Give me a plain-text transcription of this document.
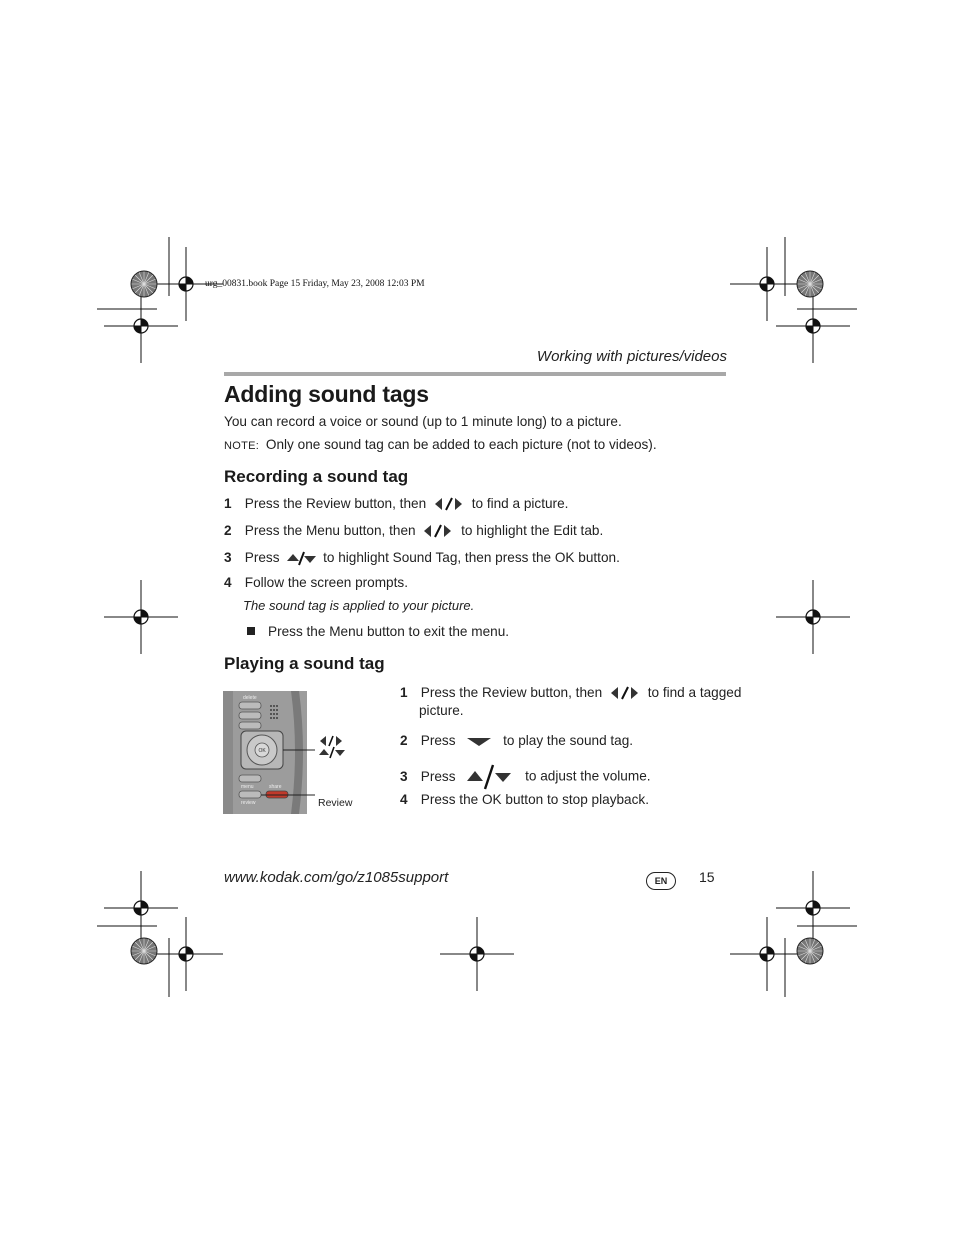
urg_00831.book Page 15 Friday, May 23, 2008 12:03 PM
Working with pictures/videos
Adding sound tags
You can record a voice or sound (up to 1 minute long) to a picture.
NOTE: Only one sound tag can be added to each picture (not to videos).
Recording a sound tag
1 Press the Review button, then	to find a picture.
2 Press the Menu button, then	to highlight the Edit tab.
3 Press	to highlight Sound Tag, then press the OK button.
4 Follow the screen prompts.
The sound tag is applied to your picture.
Press the Menu button to exit the menu.
Playing a sound tag
delete
OK
menu	share
review	Review
1 Press the Review button, then	to find a tagged
picture.
2 Press	to play the sound tag.
3 Press	to adjust the volume.
4 Press the OK button to stop playback.
www.kodak.com/go/z1085support	EN	15
